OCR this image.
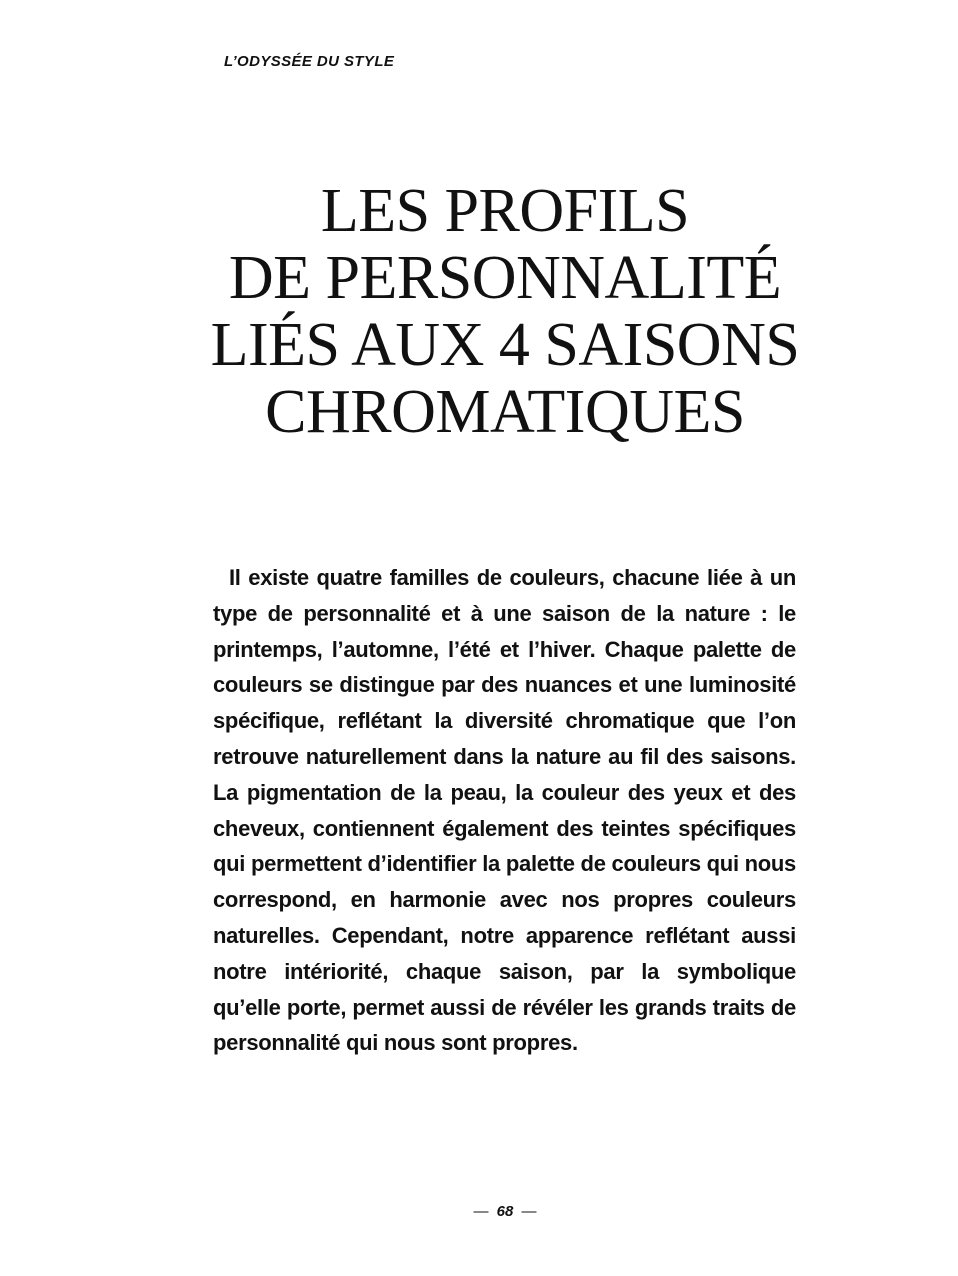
L’ODYSSÉE DU STYLE
LES PROFILS
DE PERSONNALITÉ
LIÉS AUX 4 SAISONS
CHROMATIQUES

Il existe quatre familles de couleurs, chacune liée à un type de personnalité et à une saison de la nature : le printemps, l’automne, l’été et l’hiver. Chaque palette de couleurs se distingue par des nuances et une luminosité spécifique, reflétant la diversité chromatique que l’on retrouve naturellement dans la nature au fil des saisons. La pigmentation de la peau, la couleur des yeux et des cheveux, contiennent également des teintes spécifiques qui permettent d’identifier la palette de couleurs qui nous correspond, en harmonie avec nos propres couleurs naturelles. Cependant, notre apparence reflétant aussi notre intériorité, chaque saison, par la symbolique qu’elle porte, permet aussi de révéler les grands traits de personnalité qui nous sont propres.

— 68 —
